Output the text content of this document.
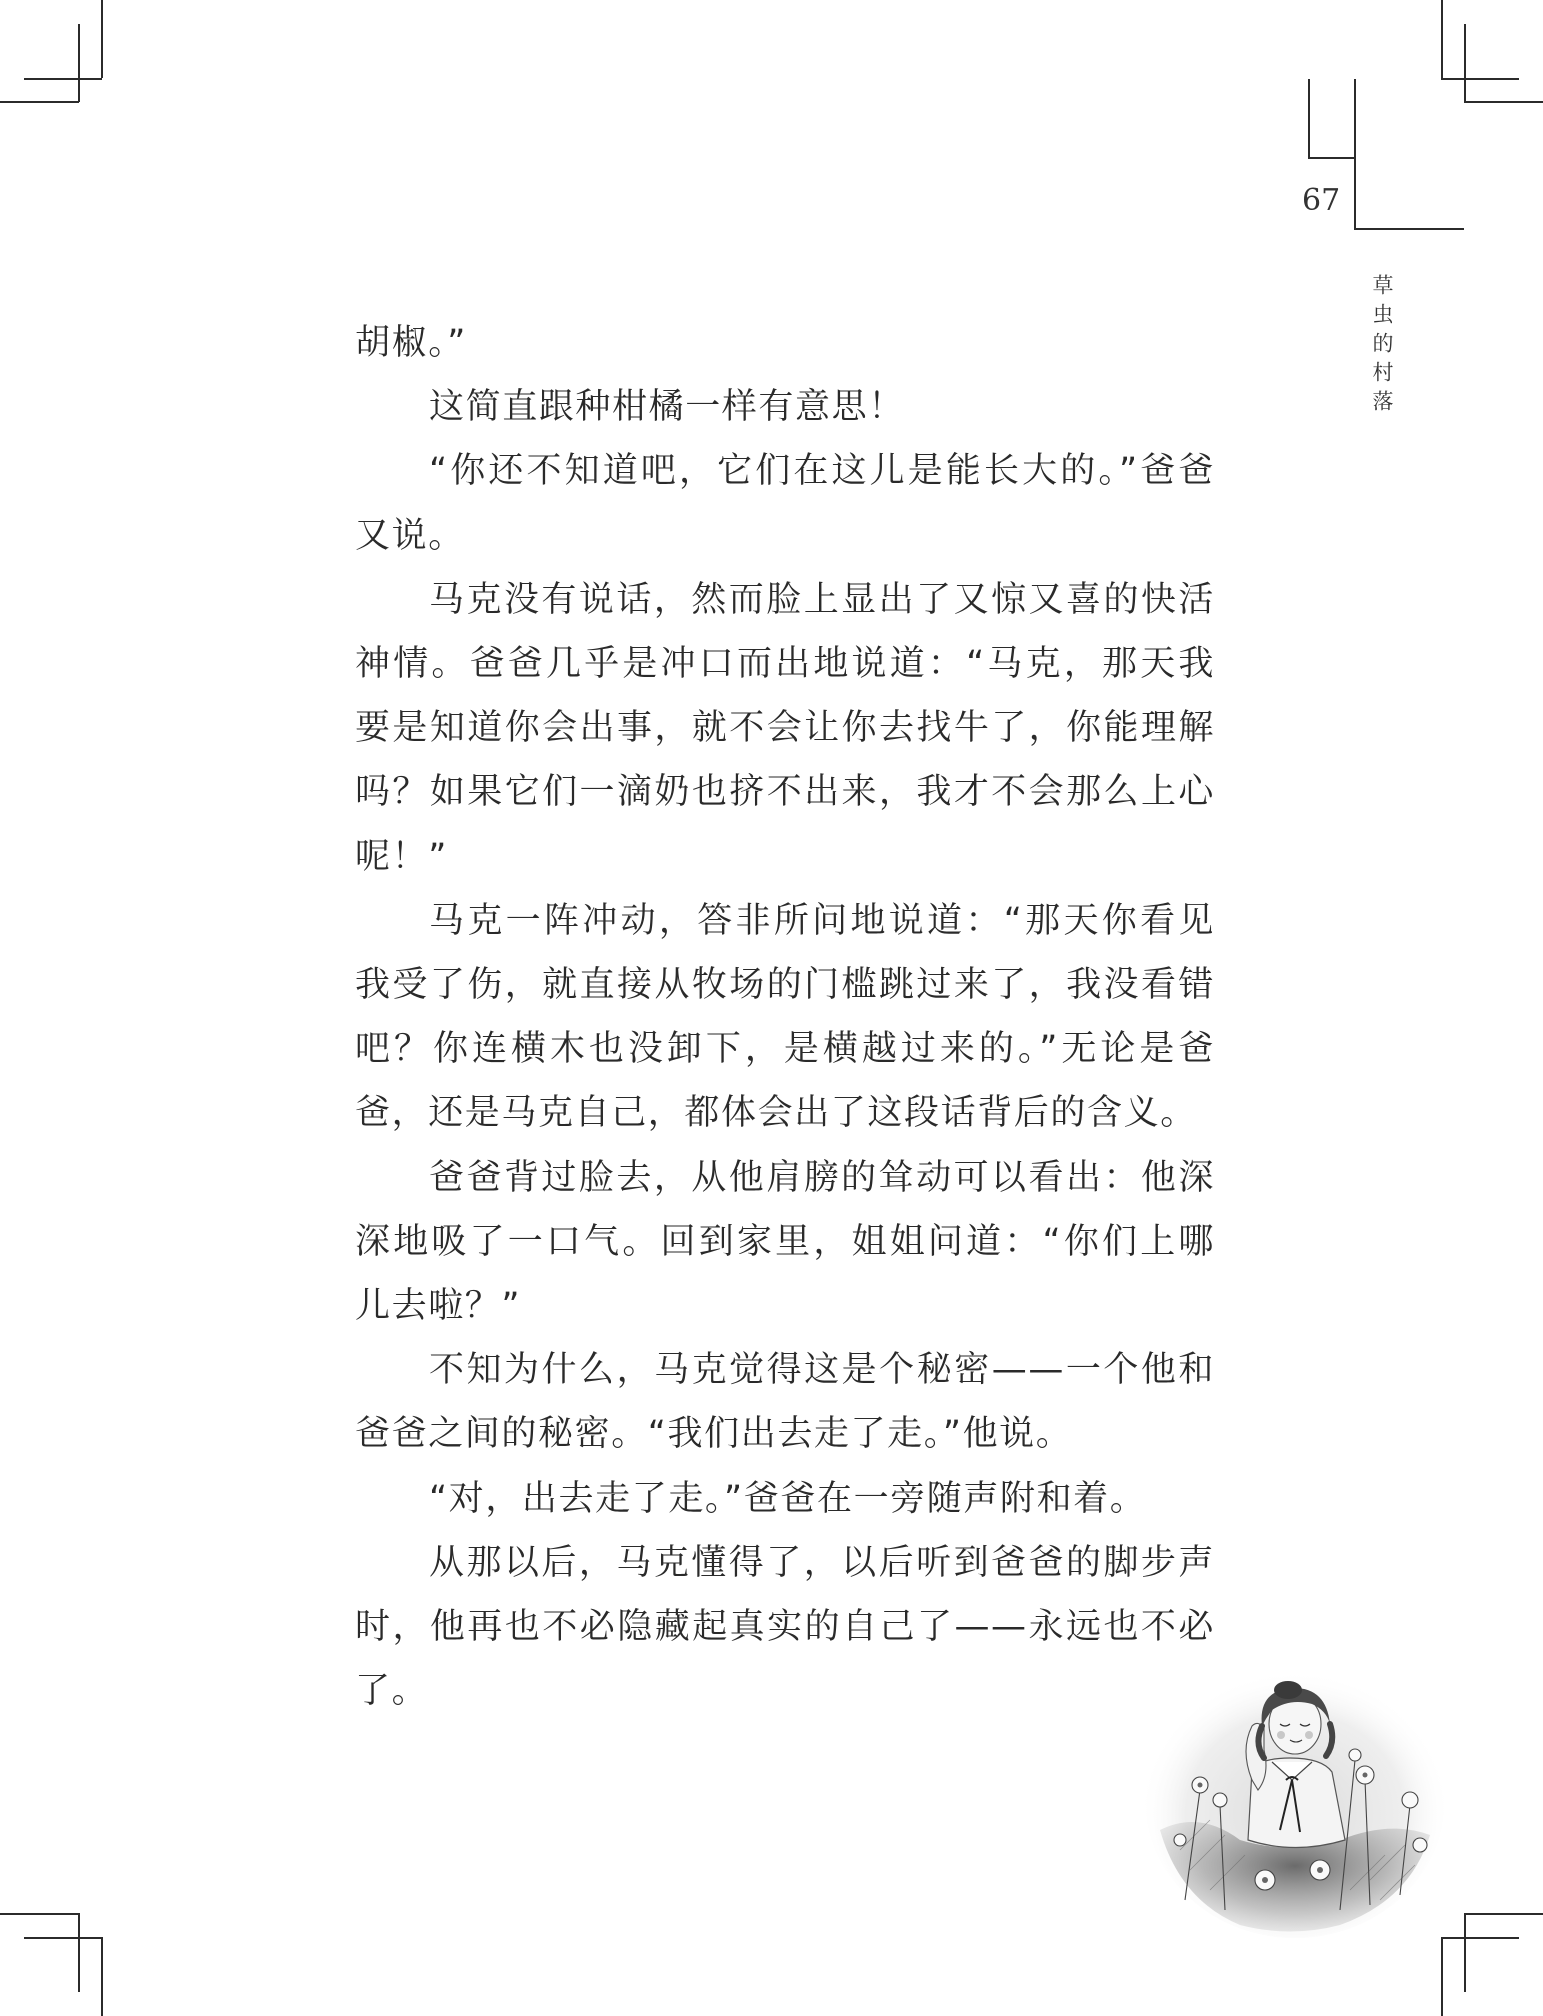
67
草虫的村落

胡椒。”

这简直跟种柑橘一样有意思！

“你还不知道吧，它们在这儿是能长大的。”爸爸又说。

马克没有说话，然而脸上显出了又惊又喜的快活神情。爸爸几乎是冲口而出地说道：“马克，那天我要是知道你会出事，就不会让你去找牛了，你能理解吗？如果它们一滴奶也挤不出来，我才不会那么上心呢！”

马克一阵冲动，答非所问地说道：“那天你看见我受了伤，就直接从牧场的门槛跳过来了，我没看错吧？你连横木也没卸下，是横越过来的。”无论是爸爸，还是马克自己，都体会出了这段话背后的含义。

爸爸背过脸去，从他肩膀的耸动可以看出：他深深地吸了一口气。回到家里，姐姐问道：“你们上哪儿去啦？”

不知为什么，马克觉得这是个秘密——一个他和爸爸之间的秘密。“我们出去走了走。”他说。

“对，出去走了走。”爸爸在一旁随声附和着。

从那以后，马克懂得了，以后听到爸爸的脚步声时，他再也不必隐藏起真实的自己了——永远也不必了。
